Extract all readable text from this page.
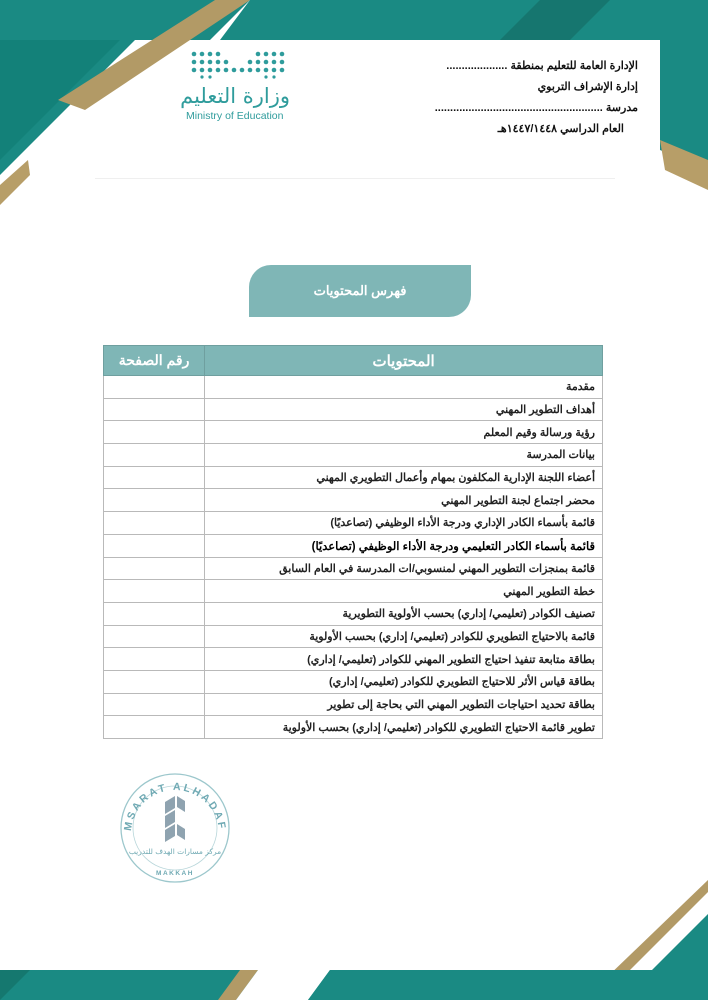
وزارة التعليم
Ministry of Education
الإدارة العامة للتعليم بمنطقة ....................
إدارة الإشراف التربوي
مدرسة .......................................................
العام الدراسي ١٤٤٧/١٤٤٨هـ
فهرس المحتويات
المحتويات	رقم الصفحة
مقدمة	
أهداف التطوير المهني	
رؤية ورسالة وقيم المعلم	
بيانات المدرسة	
أعضاء اللجنة الإدارية المكلفون بمهام وأعمال التطويري المهني	
محضر اجتماع لجنة التطوير المهني	
قائمة بأسماء الكادر الإداري ودرجة الأداء الوظيفي (تصاعديًا)	
قائمة بأسماء الكادر التعليمي ودرجة الأداء الوظيفي (تصاعديًا)	
قائمة بمنجزات التطوير المهني لمنسوبي/ات المدرسة في العام السابق	
خطة التطوير المهني	
تصنيف الكوادر (تعليمي/ إداري) بحسب الأولوية التطويرية	
قائمة بالاحتياج التطويري للكوادر (تعليمي/ إداري) بحسب الأولوية	
بطاقة متابعة تنفيذ احتياج التطوير المهني للكوادر (تعليمي/ إداري)	
بطاقة قياس الأثر للاحتياج التطويري للكوادر (تعليمي/ إداري)	
بطاقة تحديد احتياجات التطوير المهني التي بحاجة إلى تطوير	
تطوير قائمة الاحتياج التطويري للكوادر (تعليمي/ إداري) بحسب الأولوية	
MSARAT ALHADAF
مركز مسارات الهدف للتدريب
MAKKAH
